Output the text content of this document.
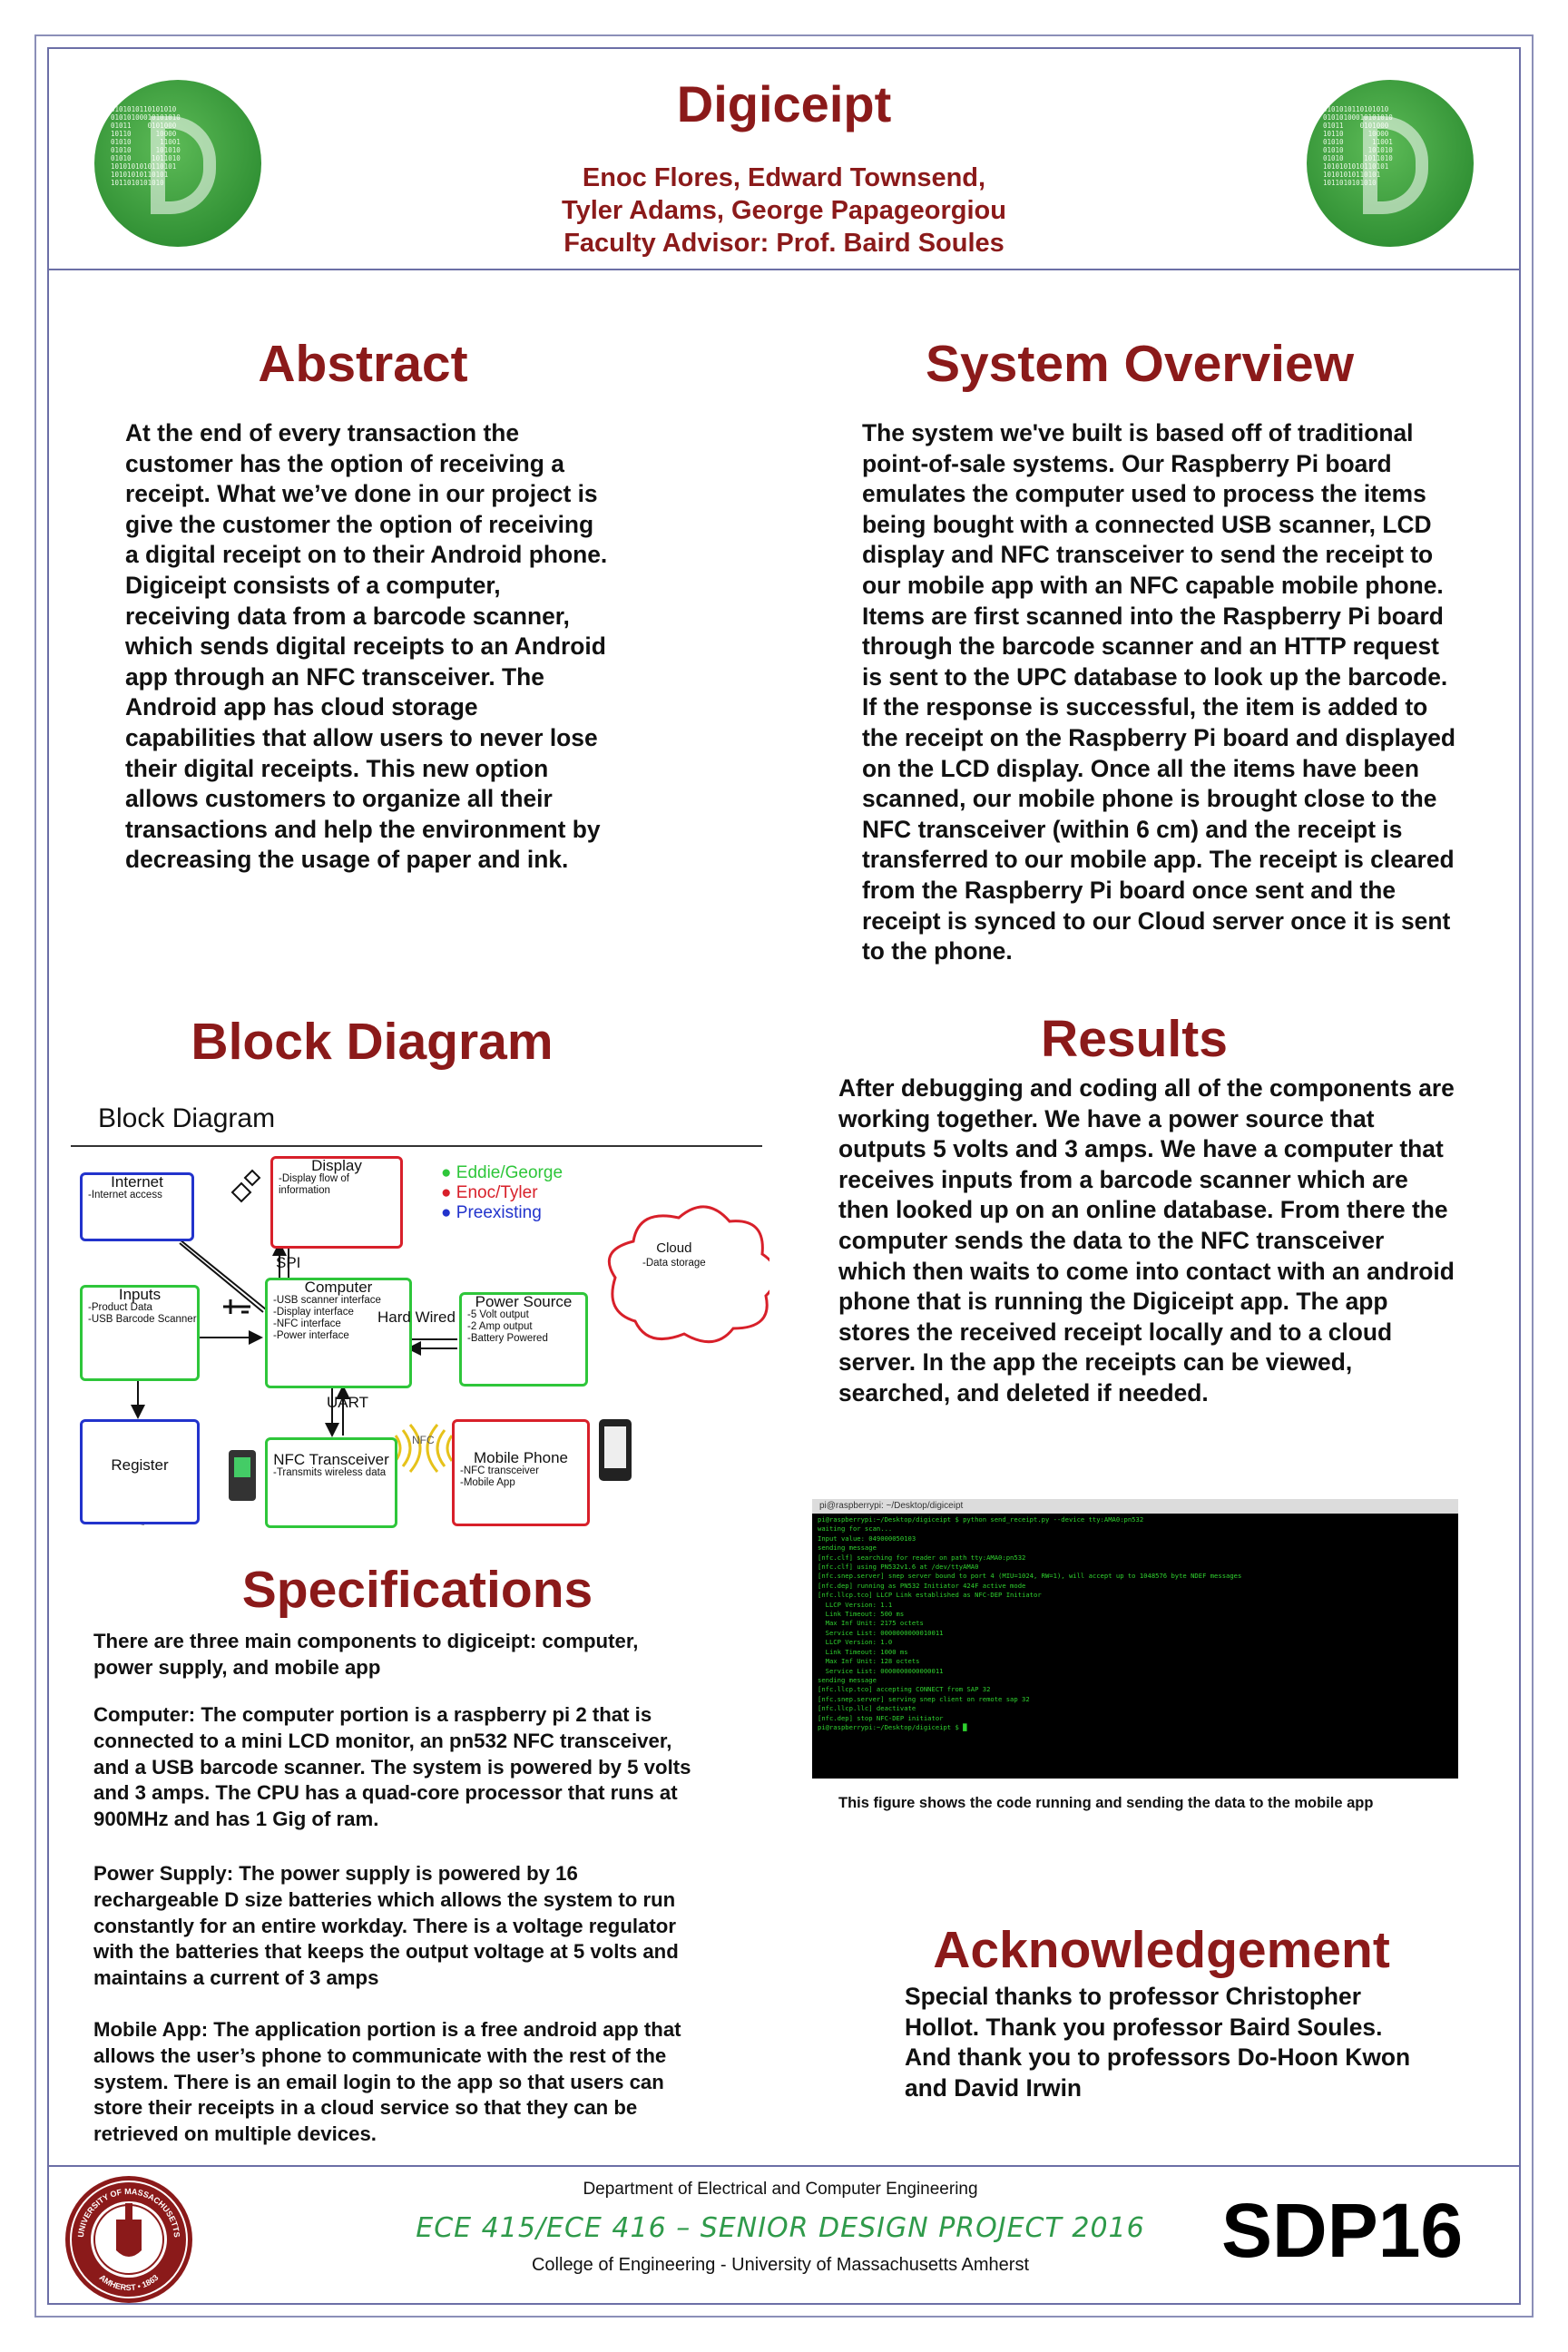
0101010110101010
01010100010101010
01011    0101000
10110      10000
01010       11001
01010      101010
01010     1011010
1010101010110101
10101010110101
1011010101010
0101010110101010
01010100010101010
01011    0101000
10110      10000
01010       11001
01010      101010
01010     1011010
1010101010110101
10101010110101
1011010101010
Digiceipt
Enoc Flores, Edward Townsend,
Tyler Adams, George Papageorgiou
Faculty Advisor: Prof. Baird Soules
Abstract
At the end of every transaction the customer has the option of receiving a receipt. What we’ve done in our project is give the customer the option of receiving a digital receipt on to their Android phone. Digiceipt consists of a computer, receiving data from a barcode scanner, which sends digital receipts to an Android app through an NFC transceiver. The Android app has cloud storage capabilities that allow users to never lose their digital receipts. This new option allows customers to organize all their transactions and help the environment by decreasing the usage of paper and ink.
System Overview
The system we've built is based off of traditional point-of-sale systems. Our Raspberry Pi board emulates the computer used to process the items being bought with a connected USB scanner, LCD display and NFC transceiver to send the receipt to our mobile app with an NFC capable mobile phone. Items are first scanned into the Raspberry Pi board through the barcode scanner and an HTTP request is sent to the UPC database to look up the barcode. If the response is successful, the item is added to the receipt on the Raspberry Pi board and displayed on the LCD display. Once all the items have been scanned, our mobile phone is brought close to the NFC transceiver (within 6 cm) and the receipt is transferred to our mobile app. The receipt is cleared from the Raspberry Pi board once sent and the receipt is synced to our Cloud server once it is sent to the phone.
Block Diagram
Block Diagram
Internet
-Internet access
Display
-Display flow of
information
● Eddie/George
● Enoc/Tyler
● Preexisting
SPI
Computer
-USB scanner interface
-Display interface
-NFC interface
-Power interface
Hard Wired
Power Source
-5 Volt output
-2 Amp output
-Battery Powered
Cloud
-Data storage
Inputs
-Product Data
-USB Barcode Scanner
UART
Register	NFC Transceiver
-Transmits wireless data
NFC
Mobile Phone
-NFC transceiver
-Mobile App
Results
After debugging and coding all of the components are working together. We have a power source that outputs 5 volts and 3 amps. We have a computer that receives inputs from a barcode scanner which are then looked up on an online database. From there the computer sends the data to the NFC transceiver which then waits to come into contact with an android phone that is running the Digiceipt app. The app stores the received receipt locally and to a cloud server. In the app the receipts can be viewed, searched, and deleted if needed.
pi@raspberrypi: ~/Desktop/digiceipt
pi@raspberrypi:~/Desktop/digiceipt $ python send_receipt.py --device tty:AMA0:pn532
waiting for scan...
Input value: 049000050103
sending message
[nfc.clf] searching for reader on path tty:AMA0:pn532
[nfc.clf] using PN532v1.6 at /dev/ttyAMA0
[nfc.snep.server] snep server bound to port 4 (MIU=1024, RW=1), will accept up to 1048576 byte NDEF messages
[nfc.dep] running as PN532 Initiator 424F active mode
[nfc.llcp.tco] LLCP Link established as NFC-DEP Initiator
LLCP Version: 1.1
Link Timeout: 500 ms
Max Inf Unit: 2175 octets
Service List: 0000000000010011
LLCP Version: 1.0
Link Timeout: 1000 ms
Max Inf Unit: 128 octets
Service List: 0000000000000011
sending message
[nfc.llcp.tco] accepting CONNECT from SAP 32
[nfc.snep.server] serving snep client on remote sap 32
[nfc.llcp.llc] deactivate
[nfc.dep] stop NFC-DEP initiator
pi@raspberrypi:~/Desktop/digiceipt $ █
This figure shows the code running and sending the data to the mobile app
Specifications
There are three main components to digiceipt: computer,
power supply, and mobile app
Computer: The computer portion is a raspberry pi 2 that is
connected to a mini LCD monitor, an pn532 NFC transceiver,
and a USB barcode scanner. The system is powered by 5 volts
and 3 amps. The CPU has a quad-core processor that runs at
900MHz and has 1 Gig of ram.
Power Supply: The power supply is powered by 16
rechargeable D size batteries which allows the system to run
constantly for an entire workday. There is a voltage regulator
with the batteries that keeps the output voltage at 5 volts and
maintains a current of 3 amps
Mobile App: The application portion is a free android app that
allows the user’s phone to communicate with the rest of the
system. There is an email login to the app so that users can
store their receipts in a cloud service so that they can be
retrieved on multiple devices.
Acknowledgement
Special thanks to professor Christopher Hollot. Thank you professor Baird Soules. And thank you to professors Do-Hoon Kwon and David Irwin
UNIVERSITY OF MASSACHUSETTS
AMHERST • 1863
Department of Electrical and Computer Engineering
ECE 415/ECE 416 – SENIOR DESIGN PROJECT 2016
College of Engineering - University of Massachusetts Amherst	SDP16
